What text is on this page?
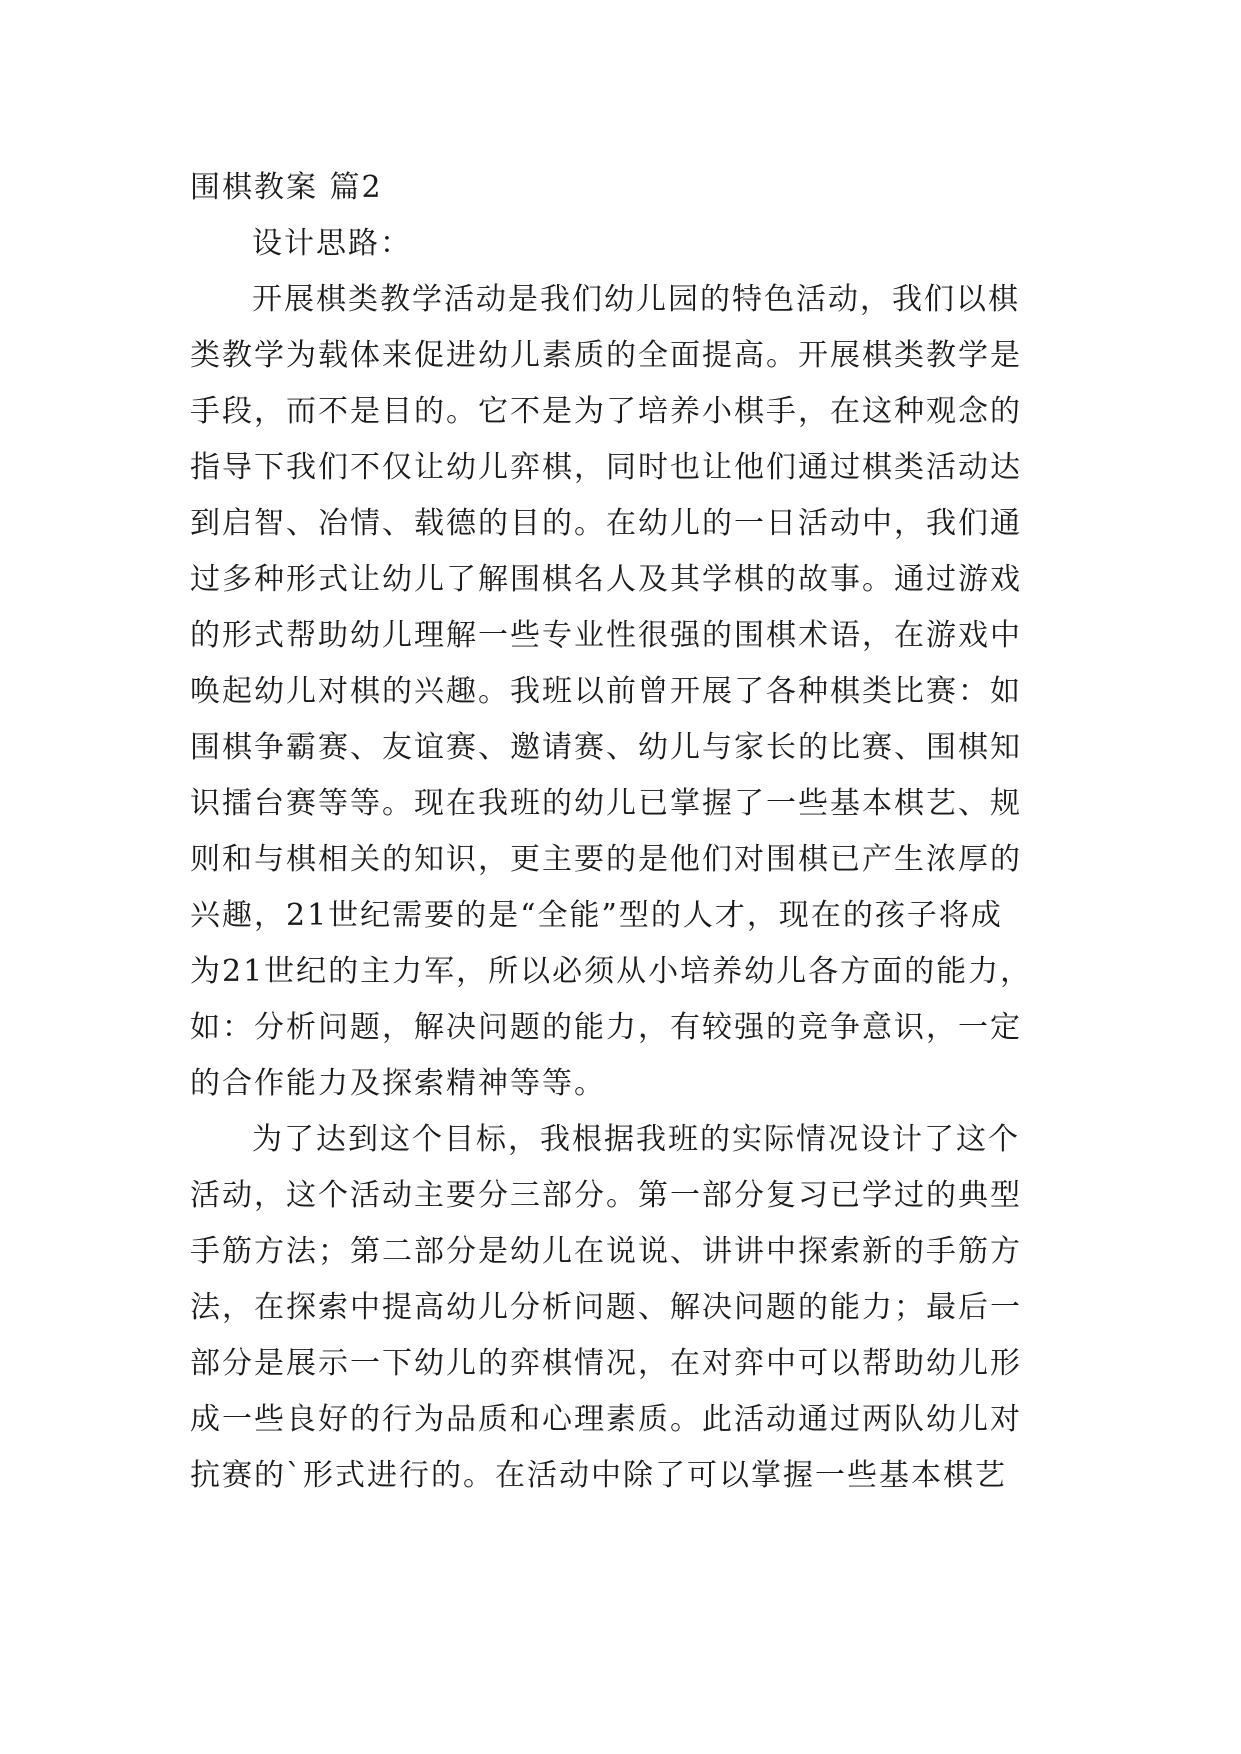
围棋教案 篇2
设计思路：
开展棋类教学活动是我们幼儿园的特色活动，我们以棋
类教学为载体来促进幼儿素质的全面提高。开展棋类教学是
手段，而不是目的。它不是为了培养小棋手，在这种观念的
指导下我们不仅让幼儿弈棋，同时也让他们通过棋类活动达
到启智、冶情、载德的目的。在幼儿的一日活动中，我们通
过多种形式让幼儿了解围棋名人及其学棋的故事。通过游戏
的形式帮助幼儿理解一些专业性很强的围棋术语，在游戏中
唤起幼儿对棋的兴趣。我班以前曾开展了各种棋类比赛：如
围棋争霸赛、友谊赛、邀请赛、幼儿与家长的比赛、围棋知
识擂台赛等等。现在我班的幼儿已掌握了一些基本棋艺、规
则和与棋相关的知识，更主要的是他们对围棋已产生浓厚的
兴趣，21世纪需要的是“全能”型的人才，现在的孩子将成
为21世纪的主力军，所以必须从小培养幼儿各方面的能力，
如：分析问题，解决问题的能力，有较强的竞争意识，一定
的合作能力及探索精神等等。
为了达到这个目标，我根据我班的实际情况设计了这个
活动，这个活动主要分三部分。第一部分复习已学过的典型
手筋方法；第二部分是幼儿在说说、讲讲中探索新的手筋方
法，在探索中提高幼儿分析问题、解决问题的能力；最后一
部分是展示一下幼儿的弈棋情况，在对弈中可以帮助幼儿形
成一些良好的行为品质和心理素质。此活动通过两队幼儿对
抗赛的`形式进行的。在活动中除了可以掌握一些基本棋艺
